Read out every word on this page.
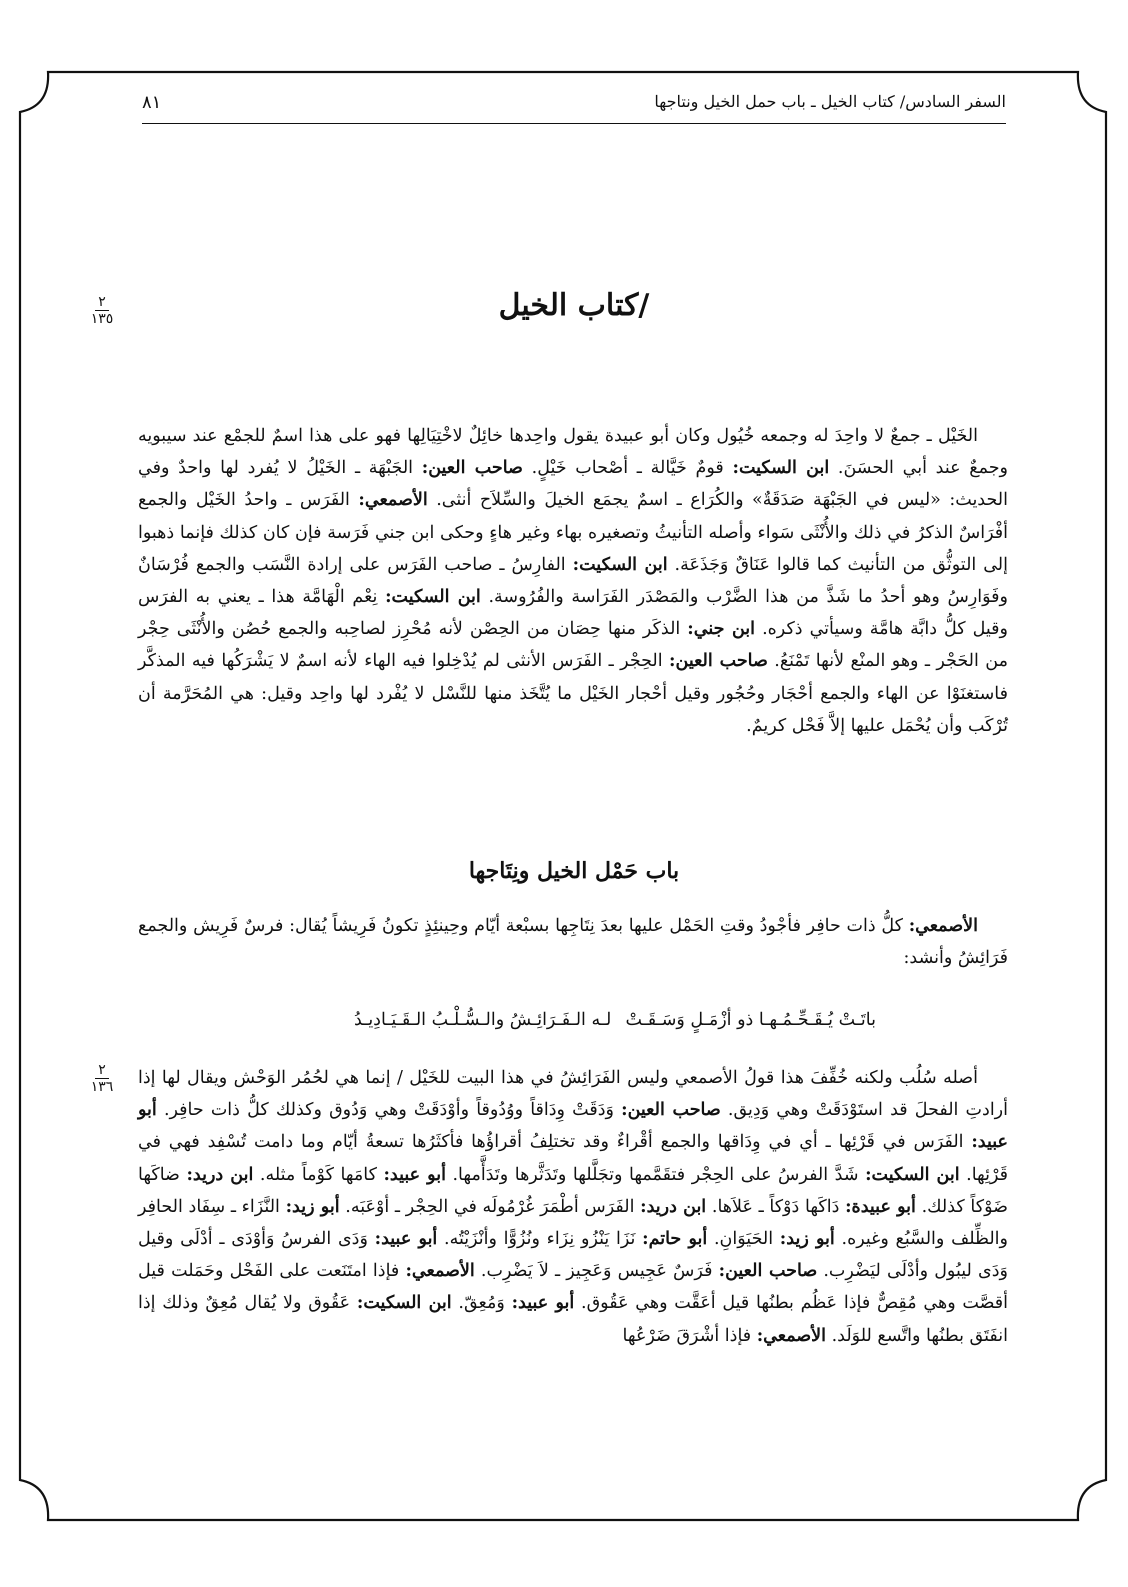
السفر السادس/ كتاب الخيل ـ باب حمل الخيل ونتاجها
٨١
٢
١٣٥	/كتاب الخيل

الخَيْل ـ جمعٌ لا واحِدَ له وجمعه خُيُول وكان أبو عبيدة يقول واحِدها خائِلٌ لاخْتِيَالِها فهو على هذا اسمٌ للجمْع عند سيبويه وجمعٌ عند أبي الحسَنَ. ابن السكيت: قومٌ خَيَّالة ـ أصْحاب خَيْلٍ. صاحب العين: الجَبْهَة ـ الخَيْلُ لا يُفرد لها واحدٌ وفي الحديث: «ليس في الجَبْهَة صَدَقَةٌ» والكُرَاع ـ اسمٌ يجمَع الخيلَ والسِّلاَح أنثى. الأصمعي: الفَرَس ـ واحدُ الخَيْل والجمع أفْرَاسٌ الذكرُ في ذلك والأُنْثَى سَواء وأصله التأنيثُ وتصغيره بهاء وغير هاءٍ وحكى ابن جني فَرَسة فإن كان كذلك فإنما ذهبوا إلى التوثُّق من التأنيث كما قالوا عَنَاقٌ وَجَذَعَة. ابن السكيت: الفارِسُ ـ صاحب الفَرَس على إرادة النَّسَب والجمع فُرْسَانٌ وفَوَارِسُ وهو أحدُ ما شَذَّ من هذا الضَّرْب والمَصْدَر الفَرَاسة والفُرُوسة. ابن السكيت: نِعْم الْهَامَّة هذا ـ يعني به الفرَس وقيل كلُّ دابَّة هامَّة وسيأتي ذكره. ابن جني: الذكَر منها حِصَان من الحِصْن لأنه مُحْرِز لصاحِبه والجمع حُصُن والأُنْثَى حِجْر من الحَجْر ـ وهو المنْع لأنها تَمْنَعُ. صاحب العين: الحِجْر ـ الفَرَس الأنثى لم يُدْخِلوا فيه الهاء لأنه اسمٌ لا يَشْرَكُها فيه المذكَّر فاستغنَوْا عن الهاء والجمع أحْجَار وحُجُور وقيل أحْجار الخَيْل ما يُتَّخَذ منها للنَّسْل لا يُفْرد لها واحِد وقيل: هي المُحَرَّمة أن تُرْكَب وأن يُحْمَل عليها إلاَّ فَحْل كريمٌ.

باب حَمْل الخيل ونِتَاجها

الأصمعي: كلُّ ذات حافِر فأجْودُ وقتِ الحَمْل عليها بعدَ نِتَاجِها بسبْعة أيّام وحِينئِذٍ تكونُ فَرِيشاً يُقال: فرسٌ فَرِيش والجمع فَرَائِشُ وأنشد:

باتَـتْ يُـقَـحِّـمُـهـا ذو أزْمَـلٍ وَسَـقَـتْ
لـه الـفَـرَائِـشُ والـسُّـلْـبُ الـقَـيَـادِيـدُ
٢
١٣٦	أصله سُلُب ولكنه خُفِّفَ هذا قولُ الأصمعي وليس الفَرَائِشُ في هذا البيت للخَيْل / إنما هي لحُمُر الوَحْش ويقال لها إذا أرادتِ الفحلَ قد استَوْدَقَتْ وهي وَدِيق. صاحب العين: وَدَقَتْ وِدَاقاً ووُدُوقاً وأوْدَقَتْ وهي وَدُوق وكذلك كلُّ ذات حافِر. أبو عبيد: الفَرَس في قَرْئِها ـ أي في وِدَاقها والجمع أقْراءٌ وقد تختلِفُ أقراؤُها فأكثَرُها تسعةُ أيّام وما دامت تُسْفِد فهي في قَرْئِها. ابن السكيت: شَدَّ الفرسُ على الحِجْر فتقَمَّمها وتجَلَّلها وتَدَثَّرها وتَدَأَّمها. أبو عبيد: كامَها كَوْماً مثله. ابن دريد: ضاكَها ضَوْكاً كذلك. أبو عبيدة: دَاكَها دَوْكاً ـ عَلاَها. ابن دريد: الفَرَس أطْمَرَ غُرْمُولَه في الحِجْر ـ أوْعَبَه. أبو زيد: النَّزَاء ـ سِفَاد الحافِر والظِّلف والسَّبُع وغيره. أبو زيد: الحَيَوَانِ. أبو حاتم: نَزَا يَنْزُو نِزَاء ونُزُوًّا وأنْزَيْتُه. أبو عبيد: وَدَى الفرسُ وَأوْدَى ـ أدْلَى وقيل وَدَى ليبُول وأدْلَى ليَضْرِب. صاحب العين: فَرَسٌ عَجِيس وَعَجِيز ـ لاَ يَضْرِب. الأصمعي: فإذا امتَنَعت على الفَحْل وحَمَلت قيل أقصَّت وهي مُقِصٌّ فإذا عَظُم بطنُها قيل أعَقَّت وهي عَقُوق. أبو عبيد: وَمُعِقّ. ابن السكيت: عَقُوق ولا يُقال مُعِقٌ وذلك إذا انفَتَق بطنُها واتَّسع للوَلَد. الأصمعي: فإذا أشْرَقَ ضَرْعُها
